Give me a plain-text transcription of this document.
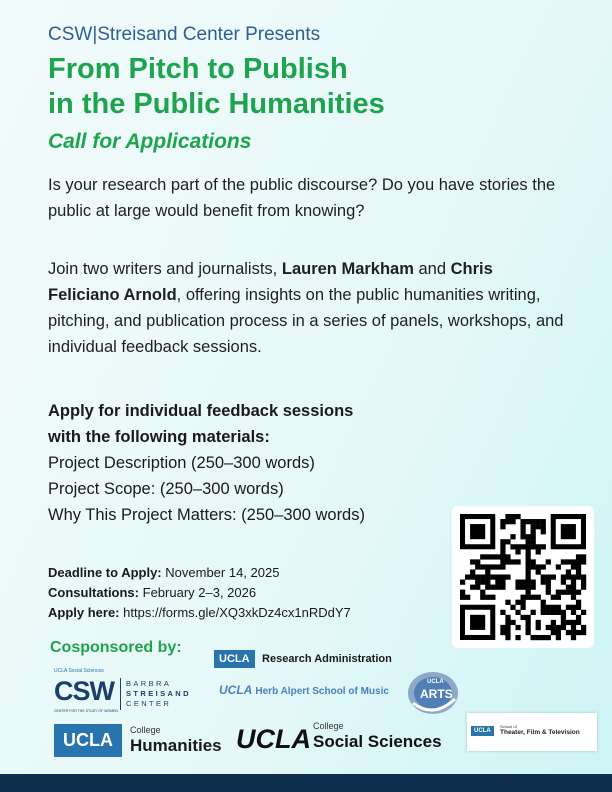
CSW|Streisand Center Presents
From Pitch to Publish
in the Public Humanities
Call for Applications
Is your research part of the public discourse? Do you have stories the public at large would benefit from knowing?
Join two writers and journalists, Lauren Markham and Chris Feliciano Arnold, offering insights on the public humanities writing, pitching, and publication process in a series of panels, workshops, and individual feedback sessions.
Apply for individual feedback sessions
with the following materials:
Project Description (250–300 words)
Project Scope: (250–300 words)
Why This Project Matters: (250–300 words)
Deadline to Apply: November 14, 2025
Consultations: February 2–3, 2026
Apply here: https://forms.gle/XQ3xkDz4cx1nRDdY7
Cosponsored by:
UCLA Social Sciences
CSW
CENTER FOR THE STUDY OF WOMEN
BARBRA
STREISAND
CENTER
UCLA Research Administration
UCLA Herb Alpert School of Music
UCLA
ARTS
UCLA
School of
Theater, Film & Television
UCLA	College
Humanities UCLA College
Social Sciences
